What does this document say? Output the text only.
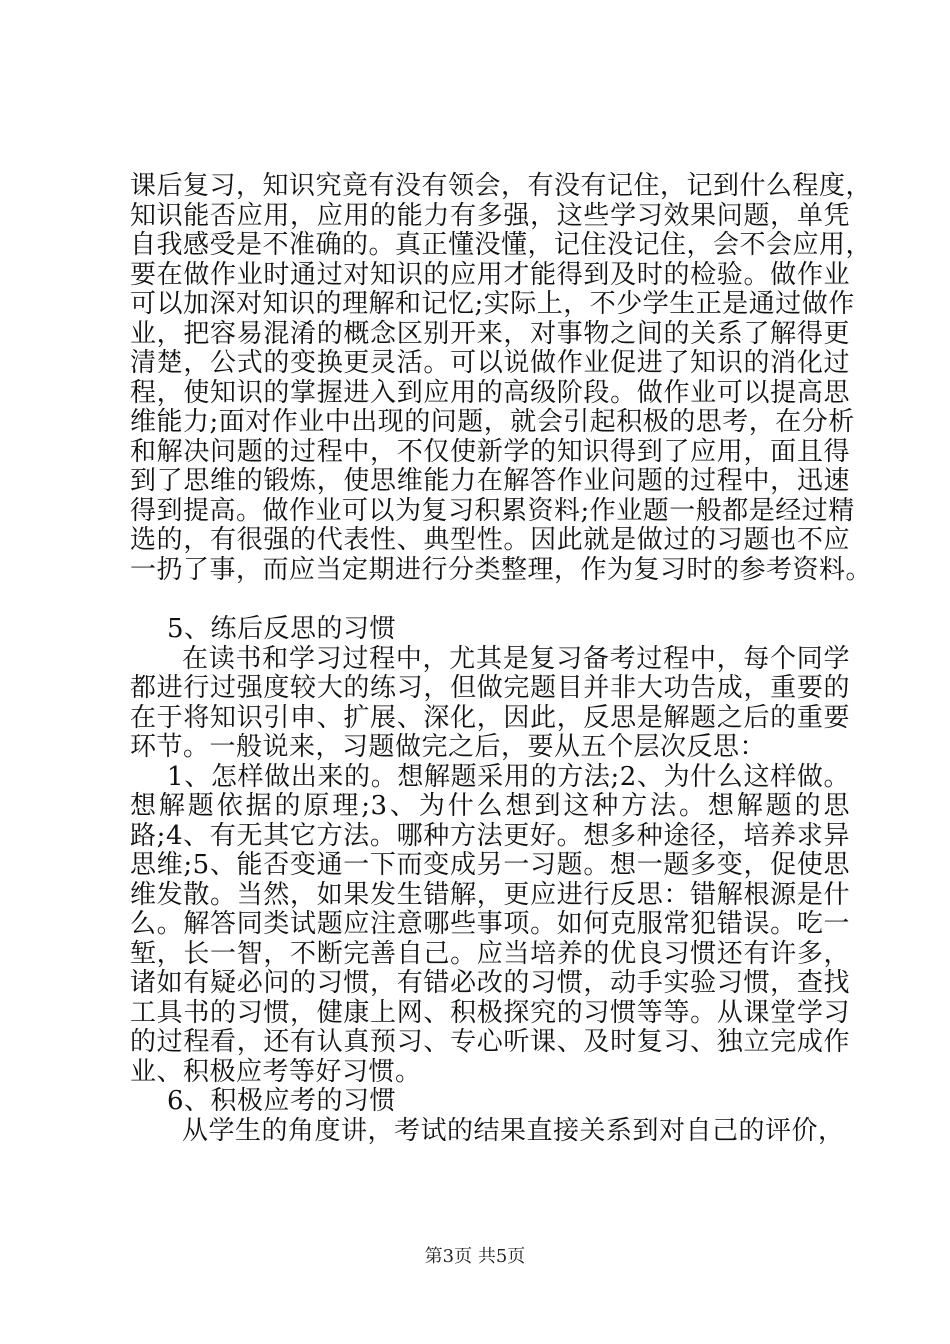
课后复习，知识究竟有没有领会，有没有记住，记到什么程度，
知识能否应用，应用的能力有多强，这些学习效果问题，单凭
自我感受是不准确的。真正懂没懂，记住没记住，会不会应用，
要在做作业时通过对知识的应用才能得到及时的检验。做作业
可以加深对知识的理解和记忆;实际上，不少学生正是通过做作
业，把容易混淆的概念区别开来，对事物之间的关系了解得更
清楚，公式的变换更灵活。可以说做作业促进了知识的消化过
程，使知识的掌握进入到应用的高级阶段。做作业可以提高思
维能力;面对作业中出现的问题，就会引起积极的思考，在分析
和解决问题的过程中，不仅使新学的知识得到了应用，面且得
到了思维的锻炼，使思维能力在解答作业问题的过程中，迅速
得到提高。做作业可以为复习积累资料;作业题一般都是经过精
选的，有很强的代表性、典型性。因此就是做过的习题也不应
一扔了事，而应当定期进行分类整理，作为复习时的参考资料。
5、练后反思的习惯
在读书和学习过程中，尤其是复习备考过程中，每个同学
都进行过强度较大的练习，但做完题目并非大功告成，重要的
在于将知识引申、扩展、深化，因此，反思是解题之后的重要
环节。一般说来，习题做完之后，要从五个层次反思：
1、怎样做出来的。想解题采用的方法;2、为什么这样做。
想解题依据的原理;3、为什么想到这种方法。想解题的思
路;4、有无其它方法。哪种方法更好。想多种途径，培养求异
思维;5、能否变通一下而变成另一习题。想一题多变，促使思
维发散。当然，如果发生错解，更应进行反思：错解根源是什
么。解答同类试题应注意哪些事项。如何克服常犯错误。吃一
堑，长一智，不断完善自己。应当培养的优良习惯还有许多，
诸如有疑必问的习惯，有错必改的习惯，动手实验习惯，查找
工具书的习惯，健康上网、积极探究的习惯等等。从课堂学习
的过程看，还有认真预习、专心听课、及时复习、独立完成作
业、积极应考等好习惯。
6、积极应考的习惯
从学生的角度讲，考试的结果直接关系到对自己的评价，
第3页 共5页
